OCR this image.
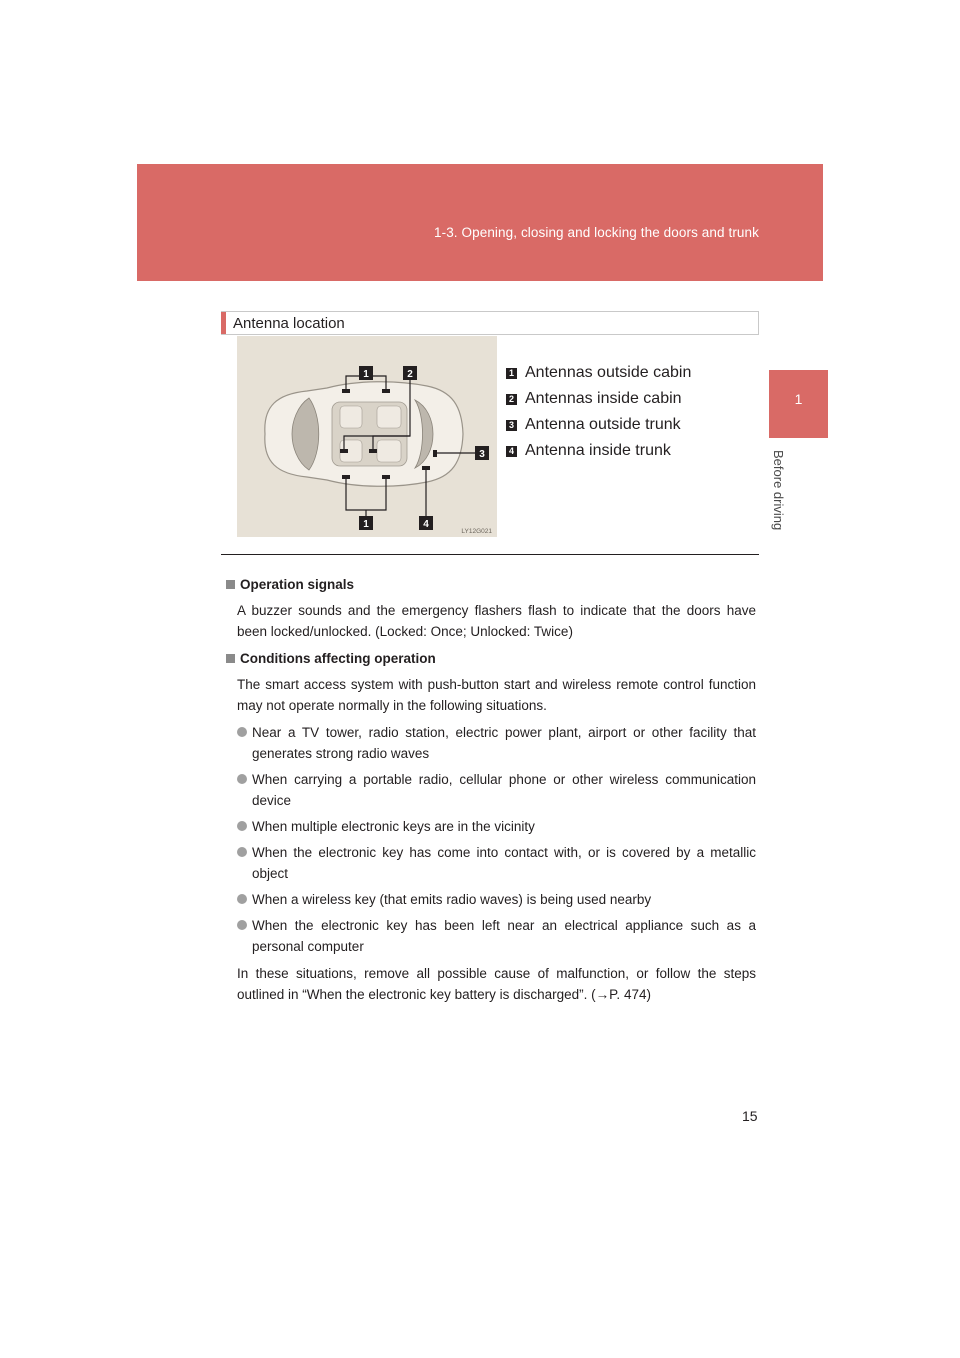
1-3. Opening, closing and locking the doors and trunk
1
Before driving
Antenna location
1	2
3
1	4
LY12G021
1 Antennas outside cabin
2 Antennas inside cabin
3 Antenna outside trunk
4 Antenna inside trunk
Operation signals

A buzzer sounds and the emergency flashers flash to indicate that the doors have been locked/unlocked. (Locked: Once; Unlocked: Twice)

Conditions affecting operation

The smart access system with push-button start and wireless remote control function may not operate normally in the following situations.

Near a TV tower, radio station, electric power plant, airport or other facility that generates strong radio waves
When carrying a portable radio, cellular phone or other wireless communication device
When multiple electronic keys are in the vicinity
When the electronic key has come into contact with, or is covered by a metallic object
When a wireless key (that emits radio waves) is being used nearby
When the electronic key has been left near an electrical appliance such as a personal computer

In these situations, remove all possible cause of malfunction, or follow the steps outlined in “When the electronic key battery is discharged”. (→P. 474)

15
